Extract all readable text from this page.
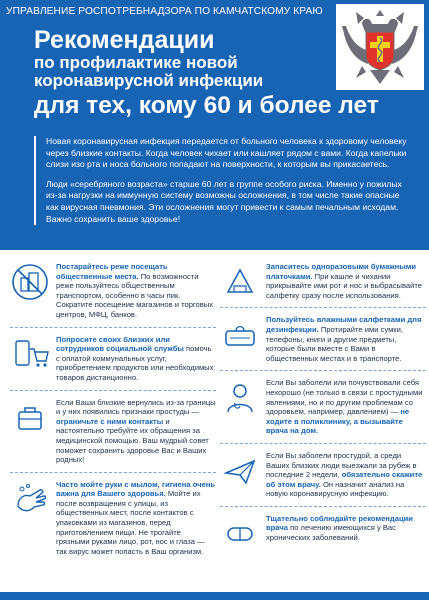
УПРАВЛЕНИЕ РОСПОТРЕБНАДЗОРА ПО КАМЧАТСКОМУ КРАЮ
Рекомендации
по профилактике новой
коронавирусной инфекции
для тех, кому 60 и более лет

Новая коронавирусная инфекция передается от больного человека к здоровому человеку через близкие контакты. Когда человек чихает или кашляет рядом с вами. Когда капельки слизи изо рта и носа больного попадают на поверхности, к которым вы прикасаетесь.

Люди «серебряного возраста» старше 60 лет в группе особого риска. Именно у пожилых из-за нагрузки на иммунную систему возможны осложнения, в том числе такие опасные как вирусная пневмония. Эти осложнения могут привести к самым печальным исходам. Важно сохранить ваше здоровье!

Постарайтесь реже посещать общественные места. По возможности реже пользуйтесь общественным транспортом, особенно в часы пик. Сократите посещение магазинов и торговых центров, МФЦ, банков.
Попросите своих близких или сотрудников социальной службы помочь с оплатой коммунальных услуг, приобретением продуктов или необходимых товаров дистанционно.
Если Ваши близкие вернулись из-за границы и у них появились признаки простуды — ограничьте с ними контакты и настоятельно требуйте их обращения за медицинской помощью. Ваш мудрый совет поможет сохранить здоровье Вас и Ваших родных!
Часто мойте руки с мылом, гигиена очень важна для Вашего здоровья. Мойте их после возвращения с улицы, из общественных мест, после контактов с упаковками из магазинов, перед приготовлением пищи. Не трогайте грязными руками лицо, рот, нос и глаза — так вирус может попасть в Ваш организм.
Запаситесь одноразовыми бумажными платочками. При кашле и чихании прикрывайте ими рот и нос и выбрасывайте салфетку сразу после использования.
Пользуйтесь влажными салфетками для дезинфекции. Протирайте ими сумки, телефоны, книги и другие предметы, которые были вместе с Вами в общественных местах и в транспорте.
Если Вы заболели или почувствовали себя нехорошо (не только в связи с простудными явлениями, но и по другим проблемам со здоровьем, например, давлением) — не ходите в поликлинику, а вызывайте врача на дом.
Если Вы заболели простудой, а среди Ваших близких люди выезжали за рубеж в последние 2 недели, обязательно скажите об этом врачу. Он назначит анализ на новую коронавирусную инфекцию.
Тщательно соблюдайте рекомендации врача по лечению имеющихся у Вас хронических заболеваний.
